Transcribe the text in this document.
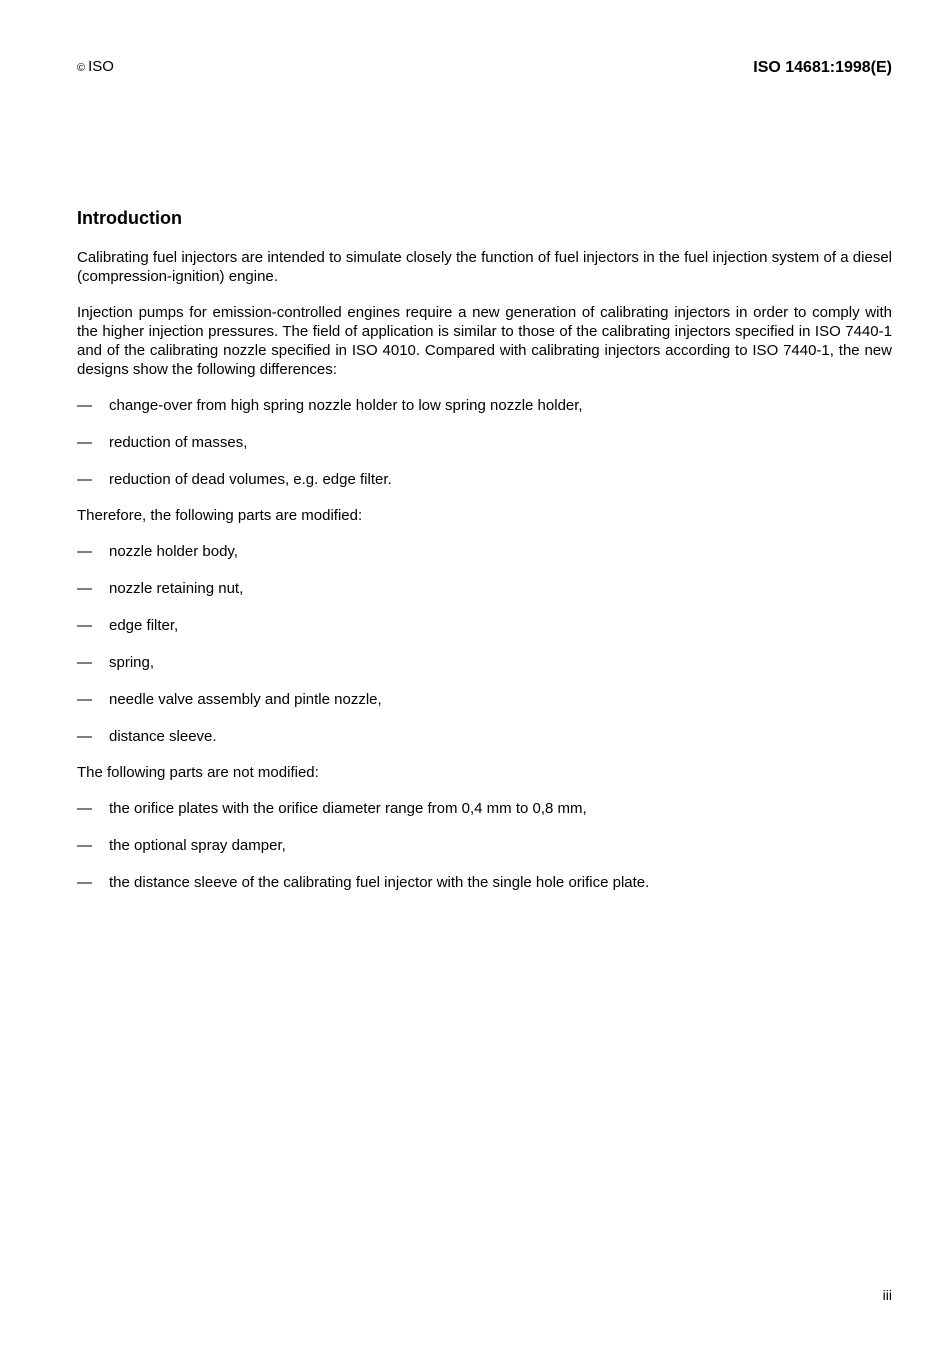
© ISO	ISO 14681:1998(E)
Introduction

Calibrating fuel injectors are intended to simulate closely the function of fuel injectors in the fuel injection system of a diesel (compression-ignition) engine.

Injection pumps for emission-controlled engines require a new generation of calibrating injectors in order to comply with the higher injection pressures. The field of application is similar to those of the calibrating injectors specified in ISO 7440-1 and of the calibrating nozzle specified in ISO 4010. Compared with calibrating injectors according to ISO 7440-1, the new designs show the following differences:

— change-over from high spring nozzle holder to low spring nozzle holder,
— reduction of masses,
— reduction of dead volumes, e.g. edge filter.

Therefore, the following parts are modified:

— nozzle holder body,
— nozzle retaining nut,
— edge filter,
— spring,
— needle valve assembly and pintle nozzle,
— distance sleeve.

The following parts are not modified:

— the orifice plates with the orifice diameter range from 0,4 mm to 0,8 mm,
— the optional spray damper,
— the distance sleeve of the calibrating fuel injector with the single hole orifice plate.
iii
